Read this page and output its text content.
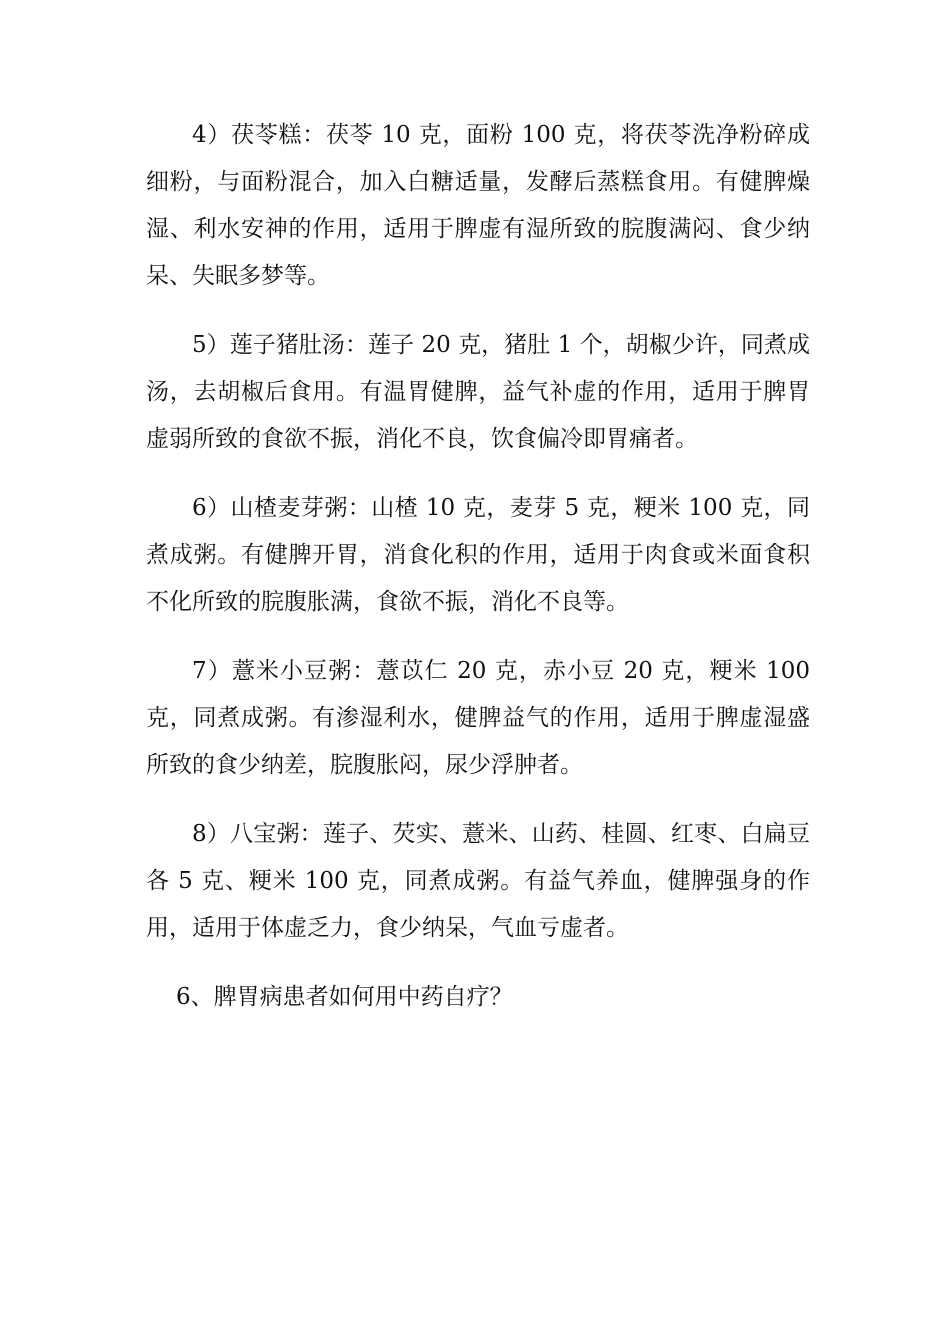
4）茯苓糕：茯苓 10 克，面粉 100 克，将茯苓洗净粉碎成细粉，与面粉混合，加入白糖适量，发酵后蒸糕食用。有健脾燥湿、利水安神的作用，适用于脾虚有湿所致的脘腹满闷、食少纳呆、失眠多梦等。

5）莲子猪肚汤：莲子 20 克，猪肚 1 个，胡椒少许，同煮成汤，去胡椒后食用。有温胃健脾，益气补虚的作用，适用于脾胃虚弱所致的食欲不振，消化不良，饮食偏冷即胃痛者。

6）山楂麦芽粥：山楂 10 克，麦芽 5 克，粳米 100 克，同煮成粥。有健脾开胃，消食化积的作用，适用于肉食或米面食积不化所致的脘腹胀满，食欲不振，消化不良等。

7）薏米小豆粥：薏苡仁 20 克，赤小豆 20 克，粳米 100 克，同煮成粥。有渗湿利水，健脾益气的作用，适用于脾虚湿盛所致的食少纳差，脘腹胀闷，尿少浮肿者。

8）八宝粥：莲子、芡实、薏米、山药、桂圆、红枣、白扁豆各 5 克、粳米 100 克，同煮成粥。有益气养血，健脾强身的作用，适用于体虚乏力，食少纳呆，气血亏虚者。

6、脾胃病患者如何用中药自疗？
